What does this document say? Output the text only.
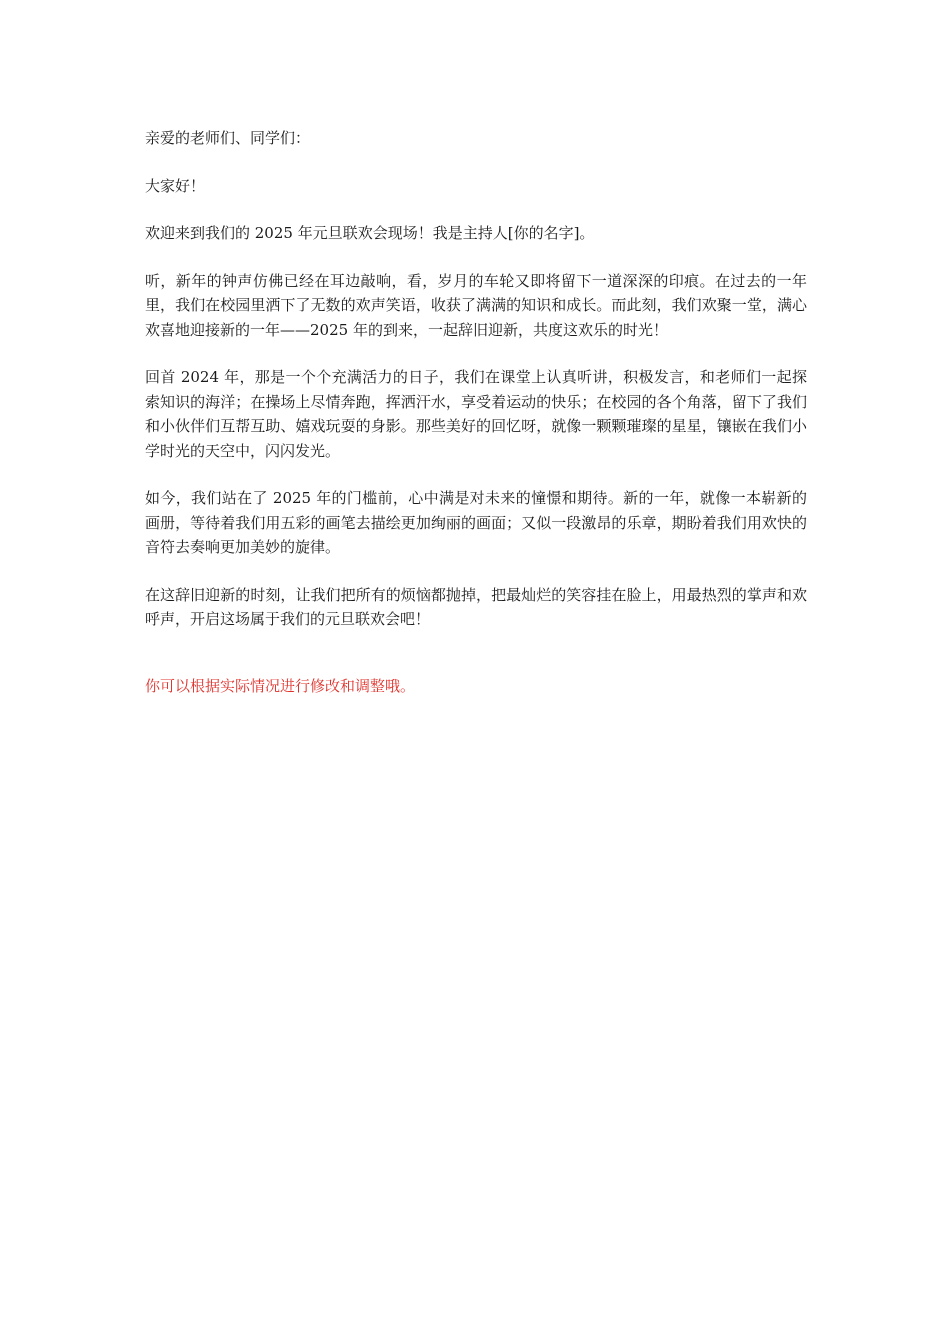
亲爱的老师们、同学们：

大家好！

欢迎来到我们的 2025 年元旦联欢会现场！我是主持人[你的名字]。

听，新年的钟声仿佛已经在耳边敲响，看，岁月的车轮又即将留下一道深深的印痕。在过去的一年里，我们在校园里洒下了无数的欢声笑语，收获了满满的知识和成长。而此刻，我们欢聚一堂，满心欢喜地迎接新的一年——2025 年的到来，一起辞旧迎新，共度这欢乐的时光！

回首 2024 年，那是一个个充满活力的日子，我们在课堂上认真听讲，积极发言，和老师们一起探索知识的海洋；在操场上尽情奔跑，挥洒汗水，享受着运动的快乐；在校园的各个角落，留下了我们和小伙伴们互帮互助、嬉戏玩耍的身影。那些美好的回忆呀，就像一颗颗璀璨的星星，镶嵌在我们小学时光的天空中，闪闪发光。

如今，我们站在了 2025 年的门槛前，心中满是对未来的憧憬和期待。新的一年，就像一本崭新的画册，等待着我们用五彩的画笔去描绘更加绚丽的画面；又似一段激昂的乐章，期盼着我们用欢快的音符去奏响更加美妙的旋律。

在这辞旧迎新的时刻，让我们把所有的烦恼都抛掉，把最灿烂的笑容挂在脸上，用最热烈的掌声和欢呼声，开启这场属于我们的元旦联欢会吧！

你可以根据实际情况进行修改和调整哦。
